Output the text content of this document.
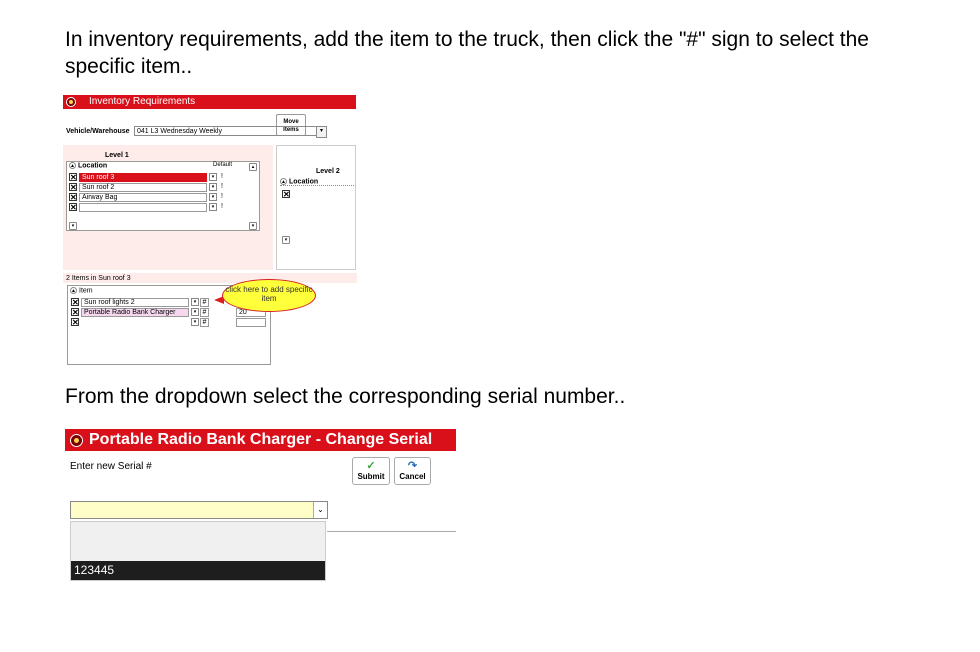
In inventory requirements, add the item to the truck, then click the "#" sign to select the specific item..
From the dropdown select the corresponding serial number..
Inventory Requirements
Move
Items
Vehicle/Warehouse	041 L3 Wednesday Weekly	▾
Level 1
▲ Location	Default	▴
✕ Sun roof 3	▾ !
✕ Sun roof 2	▾ !
✕ Airway Bag	▾ !
✕	▾ !
▾	▾
Level 2
▲ Location
✕
▾
2 Items in Sun roof 3
▲ Item
✕ Sun roof lights 2	▾ #
✕ Portable Radio Bank Charger	▾ #	20
✕	▾ #
click here to add specific item
Portable Radio Bank Charger - Change Serial
Enter new Serial #	✓
Submit
↷
Cancel
⌄
123445
